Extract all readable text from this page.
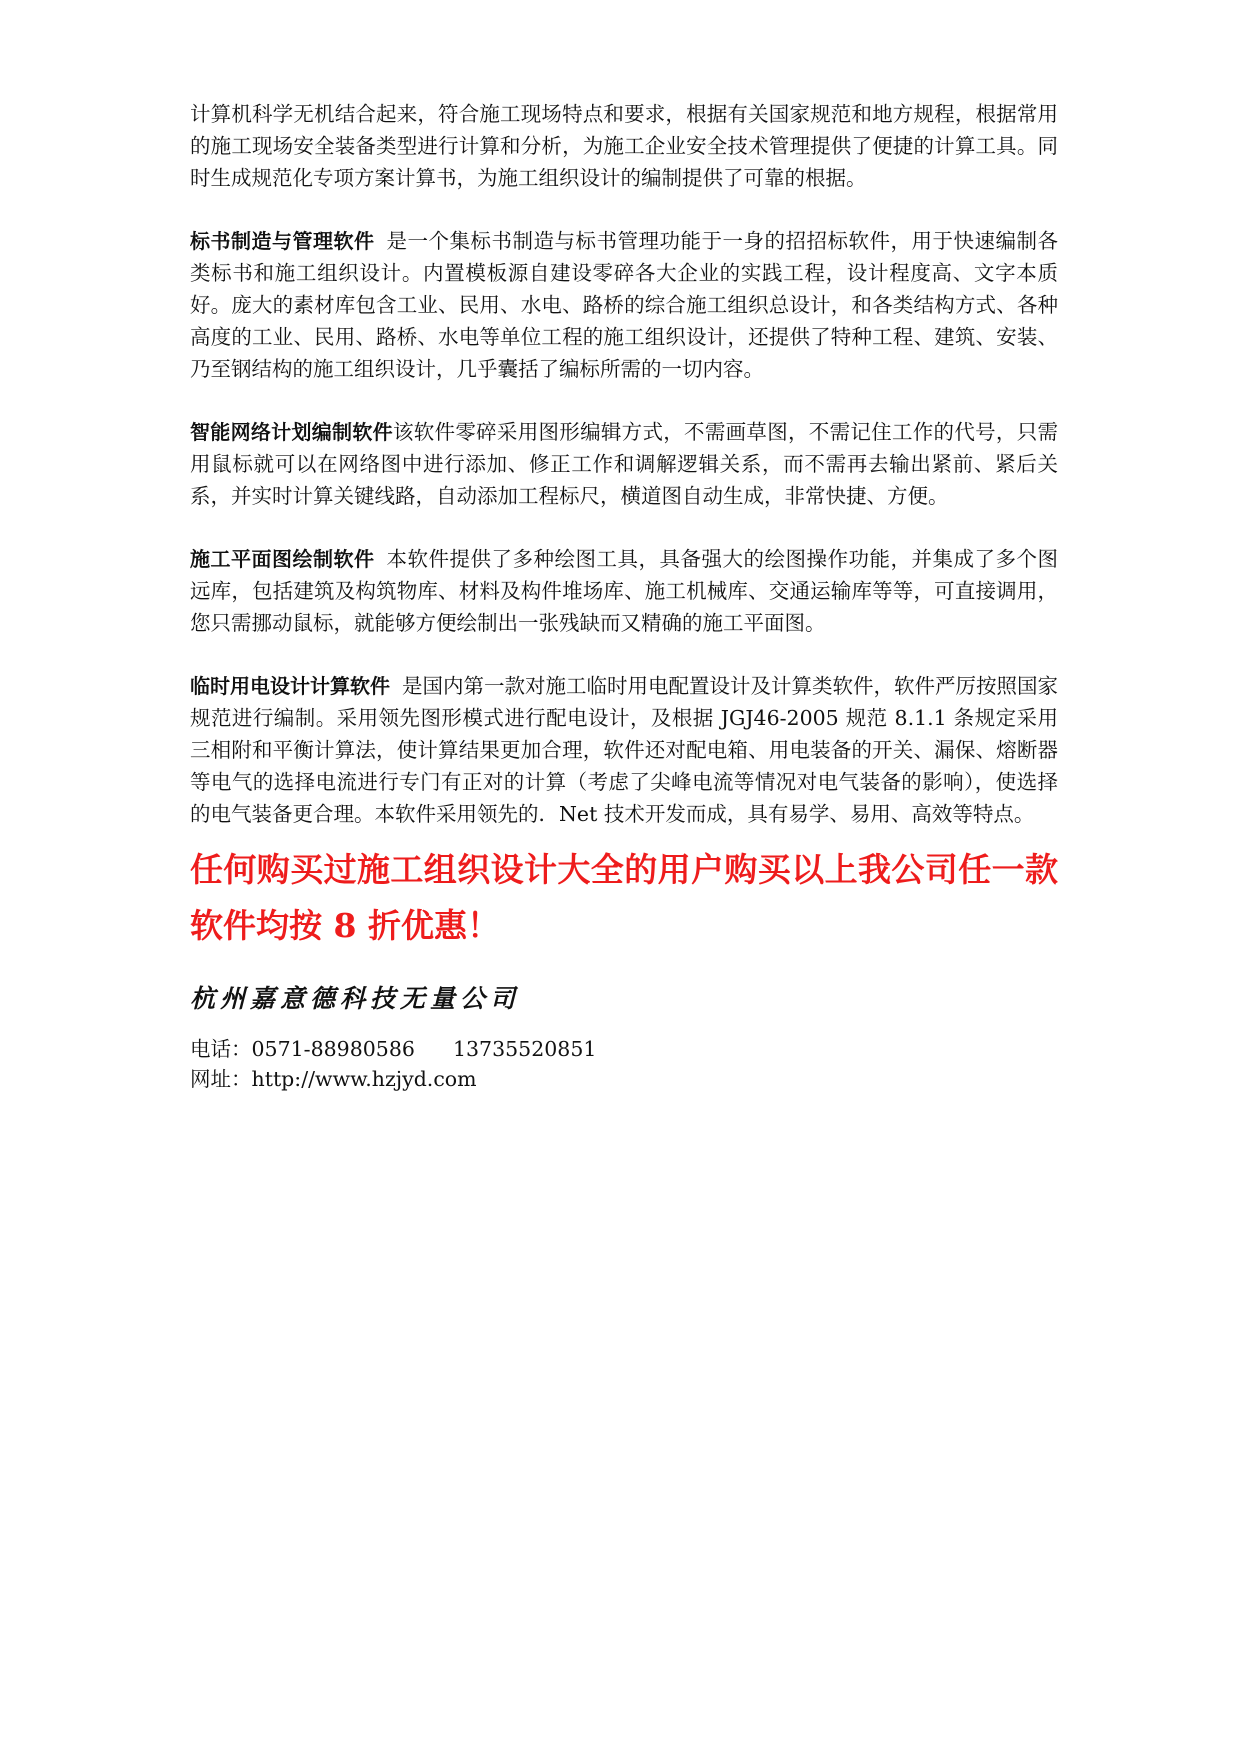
计算机科学无机结合起来，符合施工现场特点和要求，根据有关国家规范和地方规程，根据常用的施工现场安全装备类型进行计算和分析，为施工企业安全技术管理提供了便捷的计算工具。同时生成规范化专项方案计算书，为施工组织设计的编制提供了可靠的根据。

标书制造与管理软件 是一个集标书制造与标书管理功能于一身的招招标软件，用于快速编制各类标书和施工组织设计。内置模板源自建设零碎各大企业的实践工程，设计程度高、文字本质好。庞大的素材库包含工业、民用、水电、路桥的综合施工组织总设计，和各类结构方式、各种高度的工业、民用、路桥、水电等单位工程的施工组织设计，还提供了特种工程、建筑、安装、乃至钢结构的施工组织设计，几乎囊括了编标所需的一切内容。

智能网络计划编制软件该软件零碎采用图形编辑方式，不需画草图，不需记住工作的代号，只需用鼠标就可以在网络图中进行添加、修正工作和调解逻辑关系，而不需再去输出紧前、紧后关系，并实时计算关键线路，自动添加工程标尺，横道图自动生成，非常快捷、方便。

施工平面图绘制软件 本软件提供了多种绘图工具，具备强大的绘图操作功能，并集成了多个图远库，包括建筑及构筑物库、材料及构件堆场库、施工机械库、交通运输库等等，可直接调用，您只需挪动鼠标，就能够方便绘制出一张残缺而又精确的施工平面图。

临时用电设计计算软件 是国内第一款对施工临时用电配置设计及计算类软件，软件严厉按照国家规范进行编制。采用领先图形模式进行配电设计，及根据 JGJ46-2005 规范 8.1.1 条规定采用三相附和平衡计算法，使计算结果更加合理，软件还对配电箱、用电装备的开关、漏保、熔断器等电气的选择电流进行专门有正对的计算（考虑了尖峰电流等情况对电气装备的影响），使选择的电气装备更合理。本软件采用领先的．Net 技术开发而成，具有易学、易用、高效等特点。

任何购买过施工组织设计大全的用户购买以上我公司任一款软件均按 8 折优惠！
杭州嘉意德科技无量公司
电话：0571-88980586 13735520851
网址：http://www.hzjyd.com
